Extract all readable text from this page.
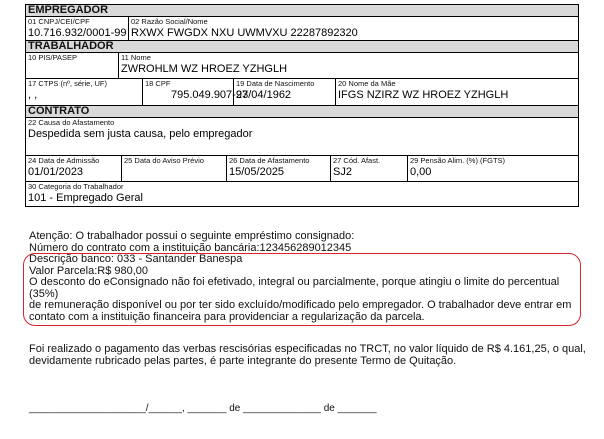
EMPREGADOR
01 CNPJ/CEI/CPF
10.716.932/0001-99
02 Razão Social/Nome
RXWX FWGDX NXU UWMVXU 22287892320
TRABALHADOR
10 PIS/PASEP	11 Nome
ZWROHLM WZ HROEZ YZHGLH
17 CTPS (nº, série, UF)
, ,
18 CPF
795.049.907-97
19 Data de Nascimento
23/04/1962
20 Nome da Mãe
IFGS NZIRZ WZ HROEZ YZHGLH
CONTRATO
22 Causa do Afastamento
Despedida sem justa causa, pelo empregador
24 Data de Admissão
01/01/2023
25 Data do Aviso Prévio	26 Data de Afastamento
15/05/2025
27 Cód. Afast.
SJ2
29 Pensão Alim. (%) (FGTS)
0,00
30 Categoria do Trabalhador
101 - Empregado Geral
Atenção: O trabalhador possui o seguinte empréstimo consignado:
Número do contrato com a instituição bancária:123456289012345
Descrição banco: 033 - Santander Banespa
Valor Parcela:R$ 980,00
O desconto do eConsignado não foi efetivado, integral ou parcialmente, porque atingiu o limite do percentual (35%)
de remuneração disponível ou por ter sido excluído/modificado pelo empregador. O trabalhador deve entrar em
contato com a instituição financeira para providenciar a regularização da parcela.
Foi realizado o pagamento das verbas rescisórias especificadas no TRCT, no valor líquido de R$ 4.161,25, o qual,
devidamente rubricado pelas partes, é parte integrante do presente Termo de Quitação.
_____________________/______, _______ de ______________ de _______
